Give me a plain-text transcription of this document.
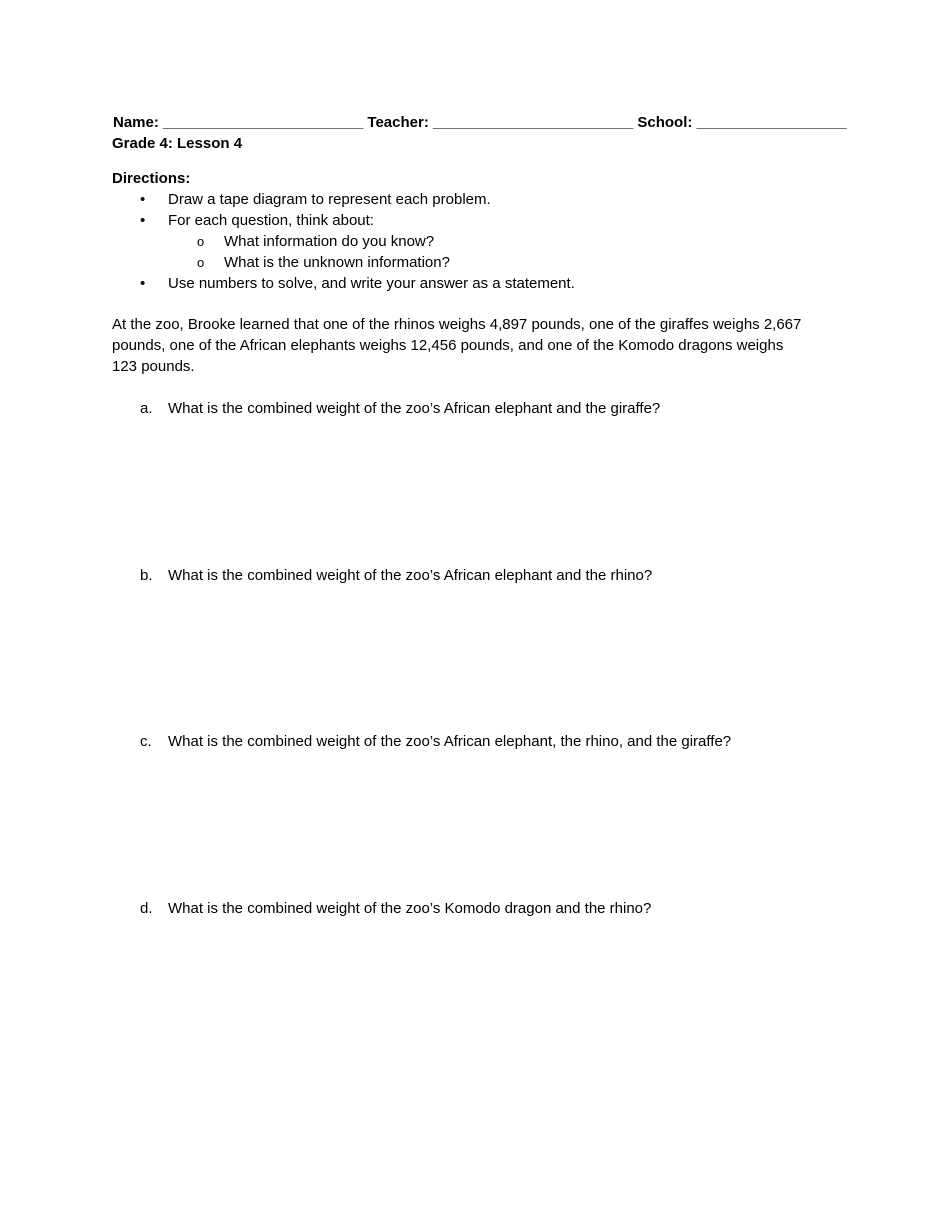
Name: ________________________ Teacher: ________________________ School: __________________
Grade 4: Lesson 4
Directions:
• Draw a tape diagram to represent each problem.
• For each question, think about:
o What information do you know?
o What is the unknown information?
• Use numbers to solve, and write your answer as a statement.
At the zoo, Brooke learned that one of the rhinos weighs 4,897 pounds, one of the giraffes weighs 2,667 pounds, one of the African elephants weighs 12,456 pounds, and one of the Komodo dragons weighs 123 pounds.
a. What is the combined weight of the zoo’s African elephant and the giraffe?
b. What is the combined weight of the zoo’s African elephant and the rhino?
c. What is the combined weight of the zoo’s African elephant, the rhino, and the giraffe?
d. What is the combined weight of the zoo’s Komodo dragon and the rhino?
